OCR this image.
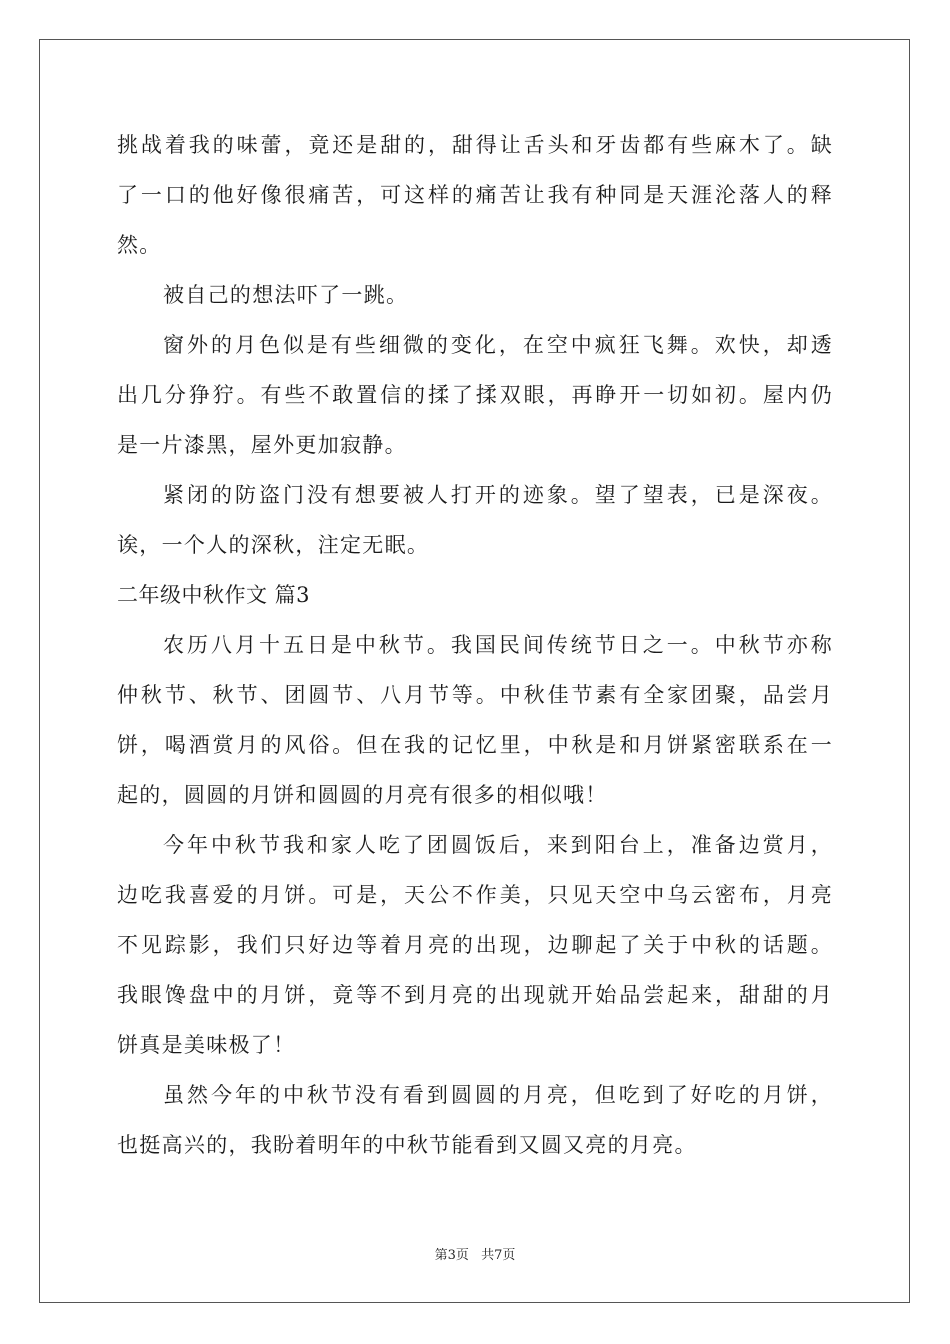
挑战着我的味蕾，竟还是甜的，甜得让舌头和牙齿都有些麻木了。缺
了一口的他好像很痛苦，可这样的痛苦让我有种同是天涯沦落人的释
然。
被自己的想法吓了一跳。
窗外的月色似是有些细微的变化，在空中疯狂飞舞。欢快，却透
出几分狰狞。有些不敢置信的揉了揉双眼，再睁开一切如初。屋内仍
是一片漆黑，屋外更加寂静。
紧闭的防盗门没有想要被人打开的迹象。望了望表，已是深夜。
诶，一个人的深秋，注定无眠。
二年级中秋作文 篇3
农历八月十五日是中秋节。我国民间传统节日之一。中秋节亦称
仲秋节、秋节、团圆节、八月节等。中秋佳节素有全家团聚，品尝月
饼，喝酒赏月的风俗。但在我的记忆里，中秋是和月饼紧密联系在一
起的，圆圆的月饼和圆圆的月亮有很多的相似哦！
今年中秋节我和家人吃了团圆饭后，来到阳台上，准备边赏月，
边吃我喜爱的月饼。可是，天公不作美，只见天空中乌云密布，月亮
不见踪影，我们只好边等着月亮的出现，边聊起了关于中秋的话题。
我眼馋盘中的月饼，竟等不到月亮的出现就开始品尝起来，甜甜的月
饼真是美味极了！
虽然今年的中秋节没有看到圆圆的月亮，但吃到了好吃的月饼，
也挺高兴的，我盼着明年的中秋节能看到又圆又亮的月亮。
第3页 共7页
